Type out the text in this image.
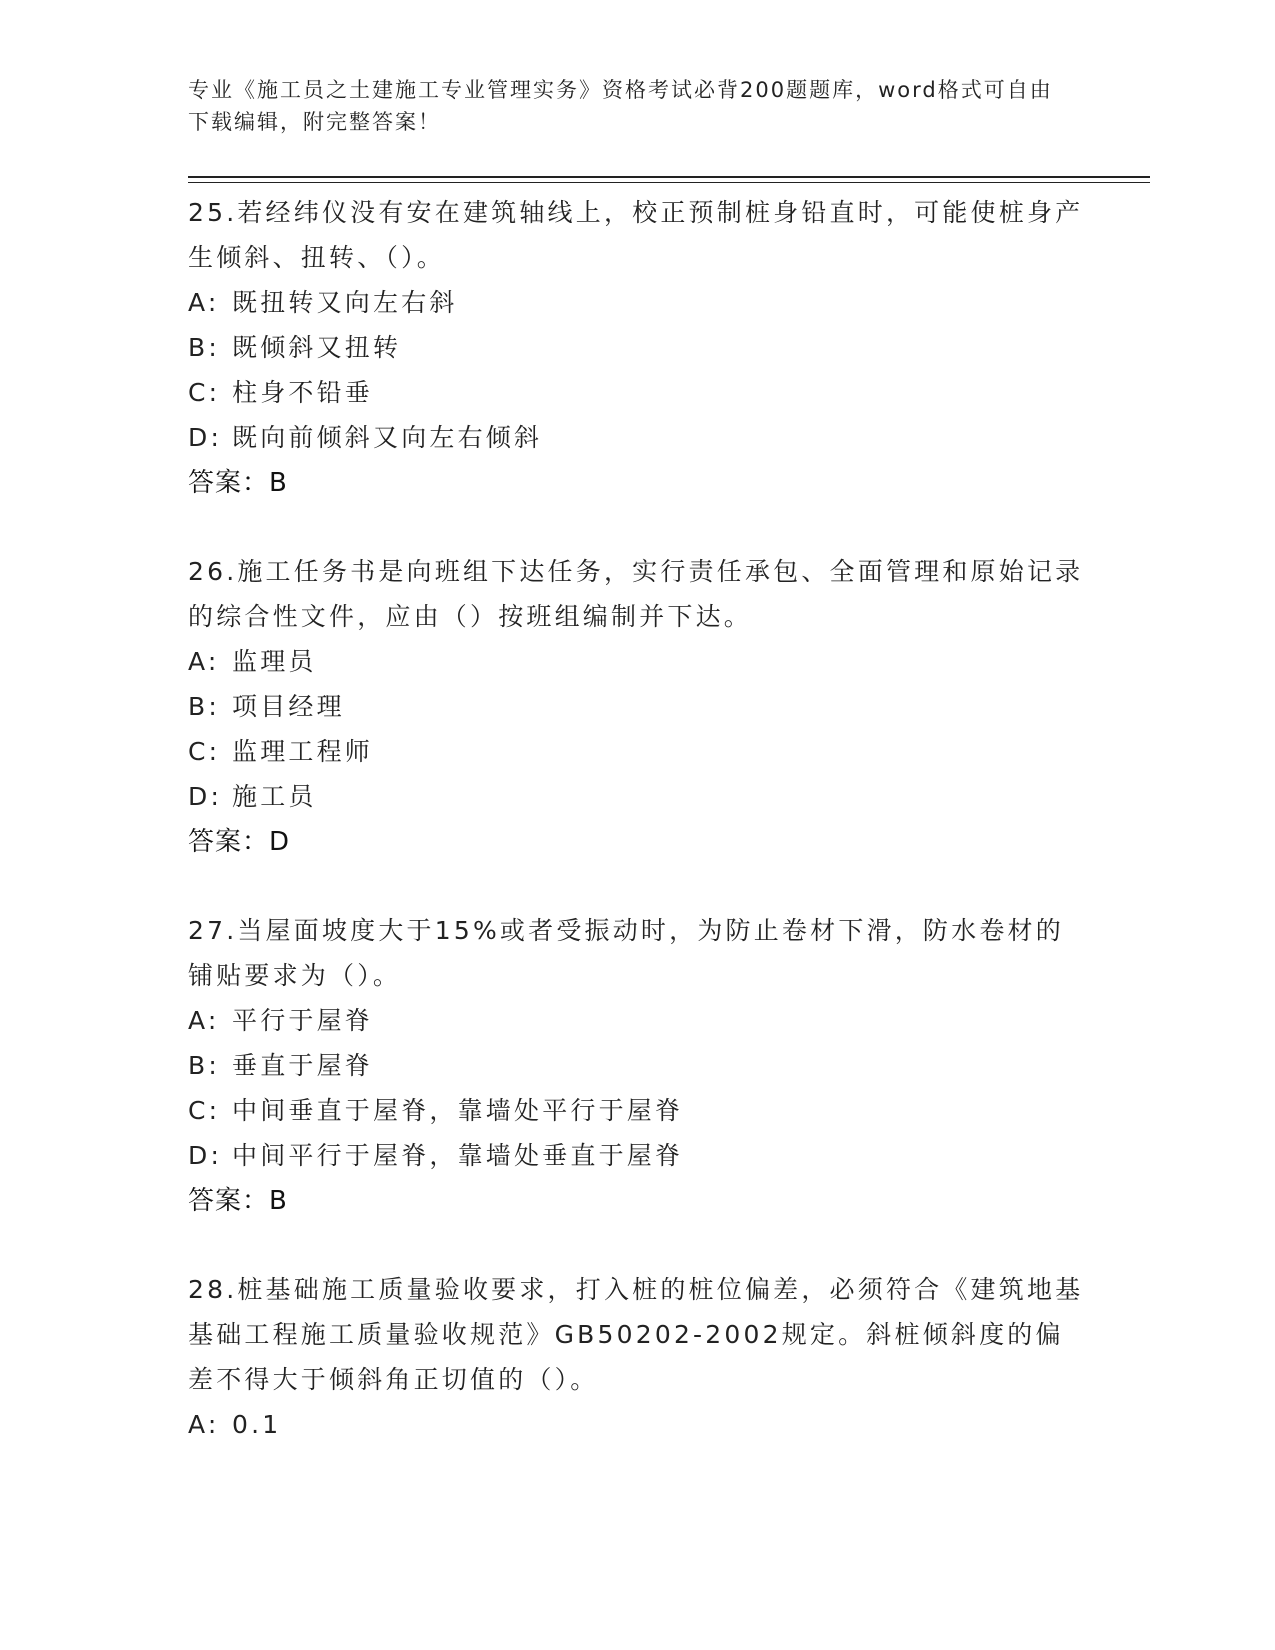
专业《施工员之土建施工专业管理实务》资格考试必背200题题库，word格式可自由下载编辑，附完整答案！

25.若经纬仪没有安在建筑轴线上，校正预制桩身铅直时，可能使桩身产生倾斜、扭转、（）。

A: 既扭转又向左右斜

B: 既倾斜又扭转

C: 柱身不铅垂

D: 既向前倾斜又向左右倾斜

答案：B

26.施工任务书是向班组下达任务，实行责任承包、全面管理和原始记录的综合性文件，应由（）按班组编制并下达。

A: 监理员

B: 项目经理

C: 监理工程师

D: 施工员

答案：D

27.当屋面坡度大于15%或者受振动时，为防止卷材下滑，防水卷材的铺贴要求为（）。

A: 平行于屋脊

B: 垂直于屋脊

C: 中间垂直于屋脊，靠墙处平行于屋脊

D: 中间平行于屋脊，靠墙处垂直于屋脊

答案：B

28.桩基础施工质量验收要求，打入桩的桩位偏差，必须符合《建筑地基基础工程施工质量验收规范》GB50202-2002规定。斜桩倾斜度的偏差不得大于倾斜角正切值的（）。

A: 0.1
